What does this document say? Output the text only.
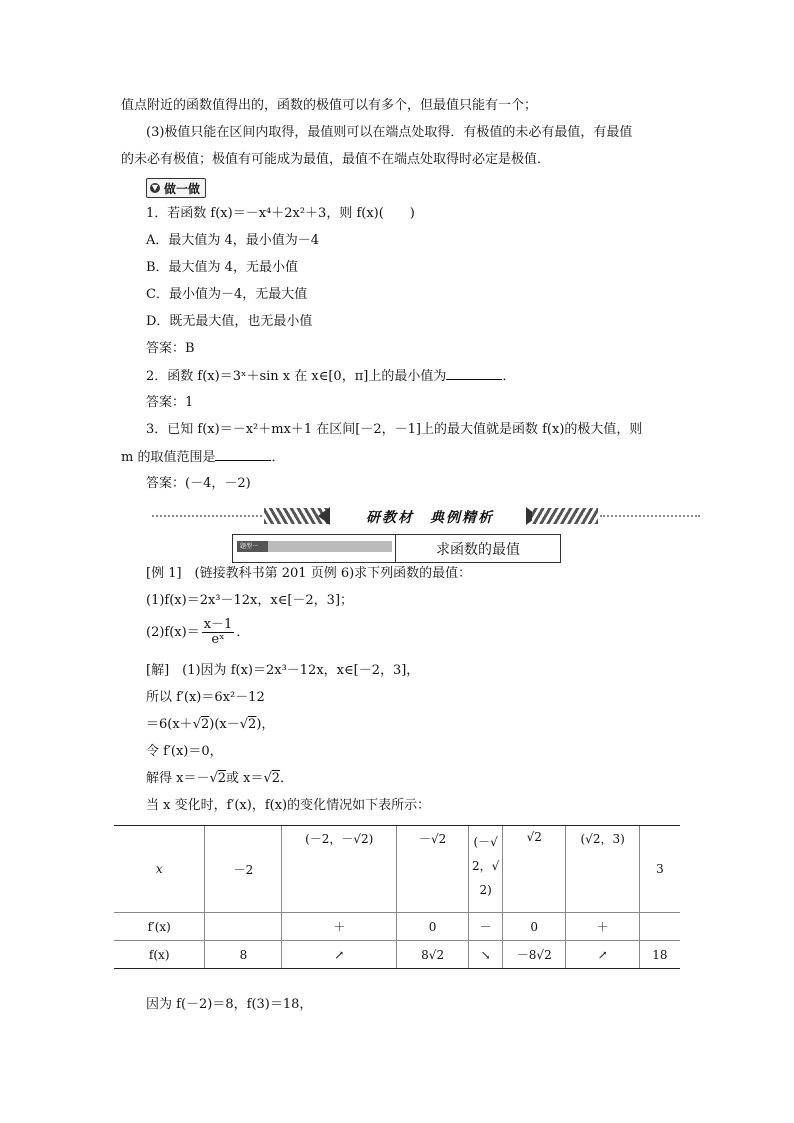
值点附近的函数值得出的，函数的极值可以有多个，但最值只能有一个；
(3)极值只能在区间内取得，最值则可以在端点处取得．有极值的未必有最值，有最值
的未必有极值；极值有可能成为最值，最值不在端点处取得时必定是极值．
▼ 做一做
1．若函数 f(x)＝－x⁴＋2x²＋3，则 f(x)(　　)
A．最大值为 4，最小值为－4
B．最大值为 4，无最小值
C．最小值为－4，无最大值
D．既无最大值，也无最小值
答案：B
2．函数 f(x)＝3ˣ＋sin x 在 x∈[0，π]上的最小值为	．
答案：1
3．已知 f(x)＝－x²＋mx＋1 在区间[－2，－1]上的最大值就是函数 f(x)的极大值，则
m 的取值范围是	．
答案：(－4，－2)
研教材　典例精析
题型一	求函数的最值
[例 1]　(链接教科书第 201 页例 6)求下列函数的最值：
(1)f(x)＝2x³－12x，x∈[－2，3]；
$(2)f(x)= \frac{x-1}{\text{eˣ}}$ ．
[解]　(1)因为 f(x)＝2x³－12x，x∈[－2，3]，
所以 f′(x)＝6x²－12
＝6(x＋√2)(x－√2)，
令 f′(x)＝0，
解得 x＝－√2或 x＝√2．
当 x 变化时，f′(x)，f(x)的变化情况如下表所示：
x	－2	(－2，－√2)	－√2	(－√2，√2)	√2	(√2，3)	3
f′(x)		＋	0	－	0	＋	
f(x)	8	↗	8√2	↘	－8√2	↗	18
因为 f(－2)＝8，f(3)＝18，
